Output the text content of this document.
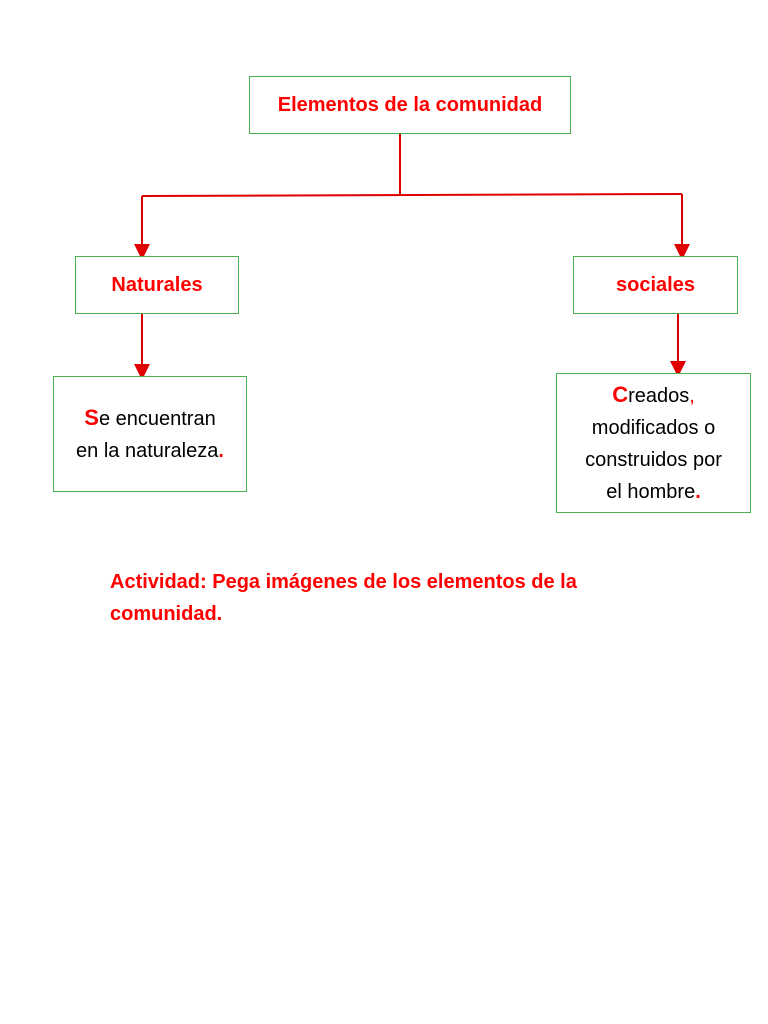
Elementos de la comunidad
Naturales	sociales
Se encuentran
en la naturaleza.
Creados,
modificados o
construidos por
el hombre.
Actividad: Pega imágenes de los elementos de la comunidad.
